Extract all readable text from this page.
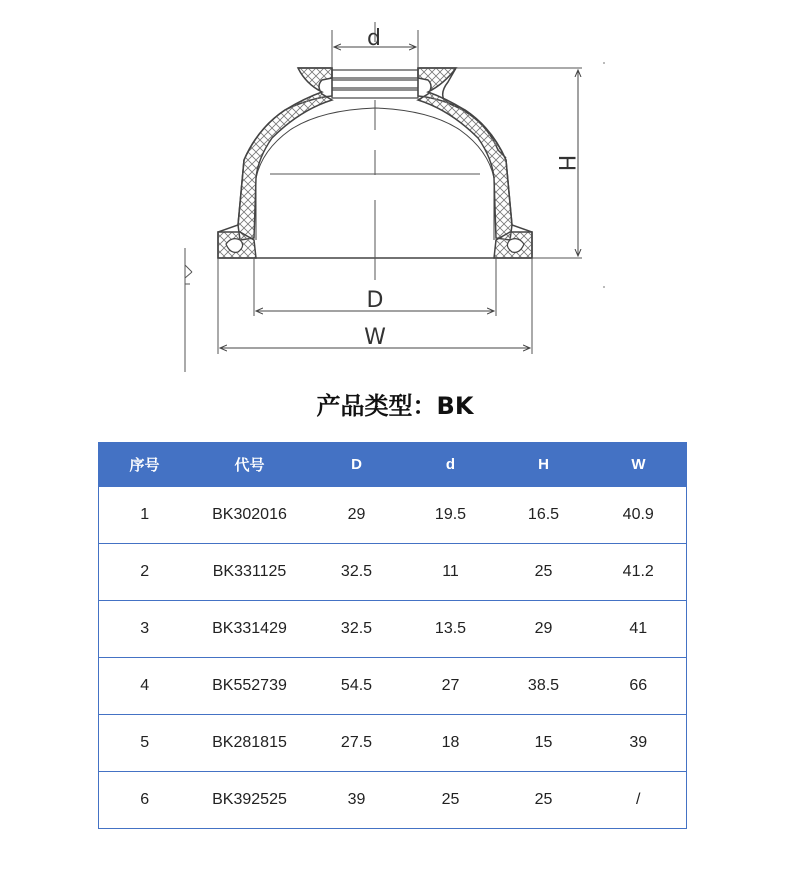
d
H
D
W
产品类型：BK
序号	代号	D	d	H	W
1	BK302016	29	19.5	16.5	40.9
2	BK331125	32.5	11	25	41.2
3	BK331429	32.5	13.5	29	41
4	BK552739	54.5	27	38.5	66
5	BK281815	27.5	18	15	39
6	BK392525	39	25	25	/
